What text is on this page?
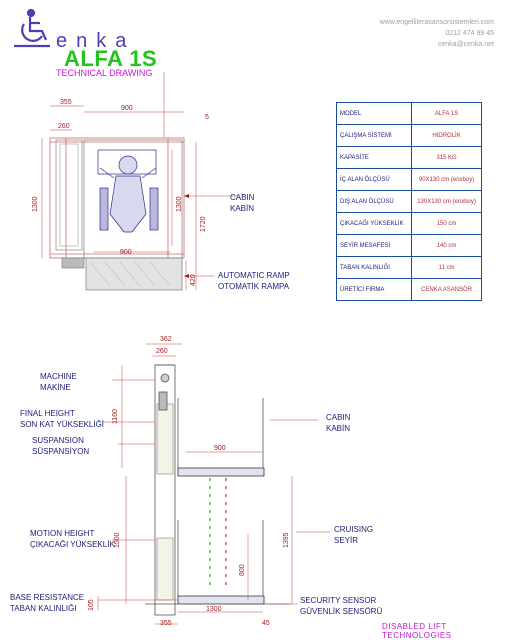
enka
www.engellilerasansorsistemleri.com
0212 474 99 45
cenka@cenka.net
ALFA 1S
TECHNICAL DRAWING
MODEL	ALFA 1S
ÇALIŞMA SİSTEMİ	HİDROLİK
KAPASİTE	315 KG
İÇ ALAN ÖLÇÜSÜ	90X130 cm (enxboy)
DIŞ ALAN ÖLÇÜSÜ	130X130 cm (enxboy)
ÇIKACAĞI YÜKSEKLİK	150 cm
SEYİR MESAFESİ	140 cm
TABAN KALINLIĞI	11 cm
ÜRETİCİ FİRMA	CENKA ASANSÖR
355
900
5
260
1300	1300
1720
900
420
CABIN
KABİN
AUTOMATIC RAMP
OTOMATİK RAMPA
362
260
1160
900
1500	1395
800
105	1300
355	45
MACHINE
MAKİNE
FINAL HEIGHT
SON KAT YÜKSEKLİĞİ
SUSPANSION
SÜSPANSİYON
MOTION HEIGHT
ÇIKACAĞI YÜKSEKLİK
BASE RESISTANCE
TABAN KALINLIĞI
CABIN
KABİN
CRUISING
SEYİR
SECURITY SENSOR
GÜVENLİK SENSÖRÜ
DISABLED LIFT TECHNOLOGIES
